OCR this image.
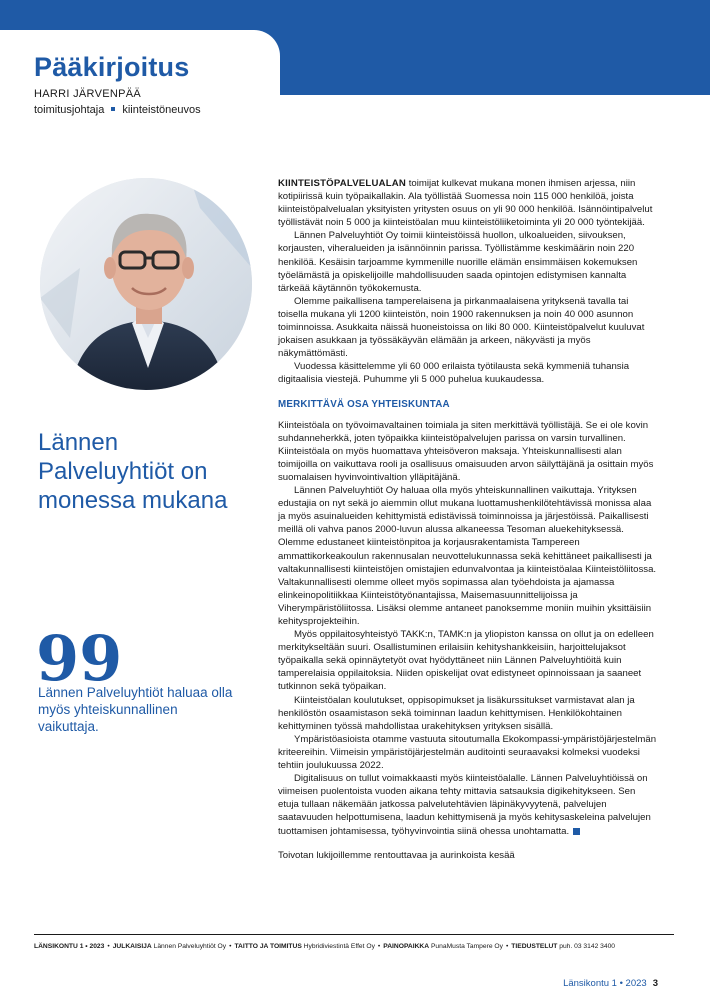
Pääkirjoitus
HARRI JÄRVENPÄÄ
toimitusjohtaja kiinteistöneuvos
Lännen Palveluyhtiöt on monessa mukana
99

Lännen Palveluyhtiöt haluaa olla myös yhteiskunnallinen vaikuttaja.

KIINTEISTÖPALVELUALAN toimijat kulkevat mukana monen ihmisen arjessa, niin kotipiirissä kuin työpaikallakin. Ala työllistää Suomessa noin 115 000 henkilöä, joista kiinteistöpalvelualan yksityisten yritysten osuus on yli 90 000 henkilöä. Isännöintipalvelut työllistävät noin 5 000 ja kiinteistöalan muu kiinteistöliiketoiminta yli 20 000 työntekijää.

Lännen Palveluyhtiöt Oy toimii kiinteistöissä huollon, ulkoalueiden, siivouksen, korjausten, viheralueiden ja isännöinnin parissa. Työllistämme keskimäärin noin 220 henkilöä. Kesäisin tarjoamme kymmenille nuorille elämän ensimmäisen kokemuksen työelämästä ja opiskelijoille mahdollisuuden saada opintojen edistymisen kannalta tärkeää käytännön työkokemusta.

Olemme paikallisena tamperelaisena ja pirkanmaalaisena yrityksenä tavalla tai toisella mukana yli 1200 kiinteistön, noin 1900 rakennuksen ja noin 40 000 asunnon toiminnoissa. Asukkaita näissä huoneistoissa on liki 80 000. Kiinteistöpalvelut kuuluvat jokaisen asukkaan ja työssäkäyvän elämään ja arkeen, näkyvästi ja myös näkymättömästi.

Vuodessa käsittelemme yli 60 000 erilaista työtilausta sekä kymmeniä tuhansia digitaalisia viestejä. Puhumme yli 5 000 puhelua kuukaudessa.

MERKITTÄVÄ OSA YHTEISKUNTAA

Kiinteistöala on työvoimavaltainen toimiala ja siten merkittävä työllistäjä. Se ei ole kovin suhdanneherkkä, joten työpaikka kiinteistöpalvelujen parissa on varsin turvallinen. Kiinteistöala on myös huomattava yhteisöveron maksaja. Yhteiskunnallisesti alan toimijoilla on vaikuttava rooli ja osallisuus omaisuuden arvon säilyttäjänä ja osittain myös suomalaisen hyvinvointivaltion ylläpitäjänä.

Lännen Palveluyhtiöt Oy haluaa olla myös yhteiskunnallinen vaikuttaja. Yrityksen edustajia on nyt sekä jo aiemmin ollut mukana luottamushenkilötehtävissä monissa alaa ja myös asuinalueiden kehittymistä edistävissä toiminnoissa ja järjestöissä. Paikallisesti meillä oli vahva panos 2000-luvun alussa alkaneessa Tesoman aluekehityksessä. Olemme edustaneet kiinteistönpitoa ja korjausrakentamista Tampereen ammattikorkeakoulun rakennusalan neuvottelukunnassa sekä kehittäneet paikallisesti ja valtakunnallisesti kiinteistöjen omistajien edunvalvontaa ja kiinteistöalaa Kiinteistöliitossa. Valtakunnallisesti olemme olleet myös sopimassa alan työehdoista ja ajamassa elinkeinopolitiikkaa Kiinteistötyönantajissa, Maisemasuunnittelijoissa ja Viherympäristöliitossa. Lisäksi olemme antaneet panoksemme moniin muihin yksittäisiin kehitysprojekteihin.

Myös oppilaitosyhteistyö TAKK:n, TAMK:n ja yliopiston kanssa on ollut ja on edelleen merkitykseltään suuri. Osallistuminen erilaisiin kehityshankkeisiin, harjoittelujaksot työpaikalla sekä opinnäytetyöt ovat hyödyttäneet niin Lännen Palveluyhtiöitä kuin tamperelaisia oppilaitoksia. Niiden opiskelijat ovat edistyneet opinnoissaan ja saaneet tutkinnon sekä työpaikan.

Kiinteistöalan koulutukset, oppisopimukset ja lisäkurssitukset varmistavat alan ja henkilöstön osaamistason sekä toiminnan laadun kehittymisen. Henkilökohtainen kehittyminen työssä mahdollistaa urakehityksen yrityksen sisällä.

Ympäristöasioista otamme vastuuta sitoutumalla Ekokompassi-ympäristöjärjestelmän kriteereihin. Viimeisin ympäristöjärjestelmän auditointi seuraavaksi kolmeksi vuodeksi tehtiin joulukuussa 2022.

Digitalisuus on tullut voimakkaasti myös kiinteistöalalle. Lännen Palveluyhtiöissä on viimeisen puolentoista vuoden aikana tehty mittavia satsauksia digikehitykseen. Sen etuja tullaan näkemään jatkossa palvelutehtävien läpinäkyvyytenä, palvelujen saatavuuden helpottumisena, laadun kehittymisenä ja myös kehitysaskeleina palvelujen tuottamisen johtamisessa, työhyvinvointia siinä ohessa unohtamatta.

Toivotan lukijoillemme rentouttavaa ja aurinkoista kesää

LÄNSIKONTU 1 • 2023 • JULKAISIJA Lännen Palveluyhtiöt Oy • TAITTO JA TOIMITUS Hybridiviestintä Effet Oy • PAINOPAIKKA PunaMusta Tampere Oy • TIEDUSTELUT puh. 03 3142 3400
Länsikontu 1 • 2023 3
